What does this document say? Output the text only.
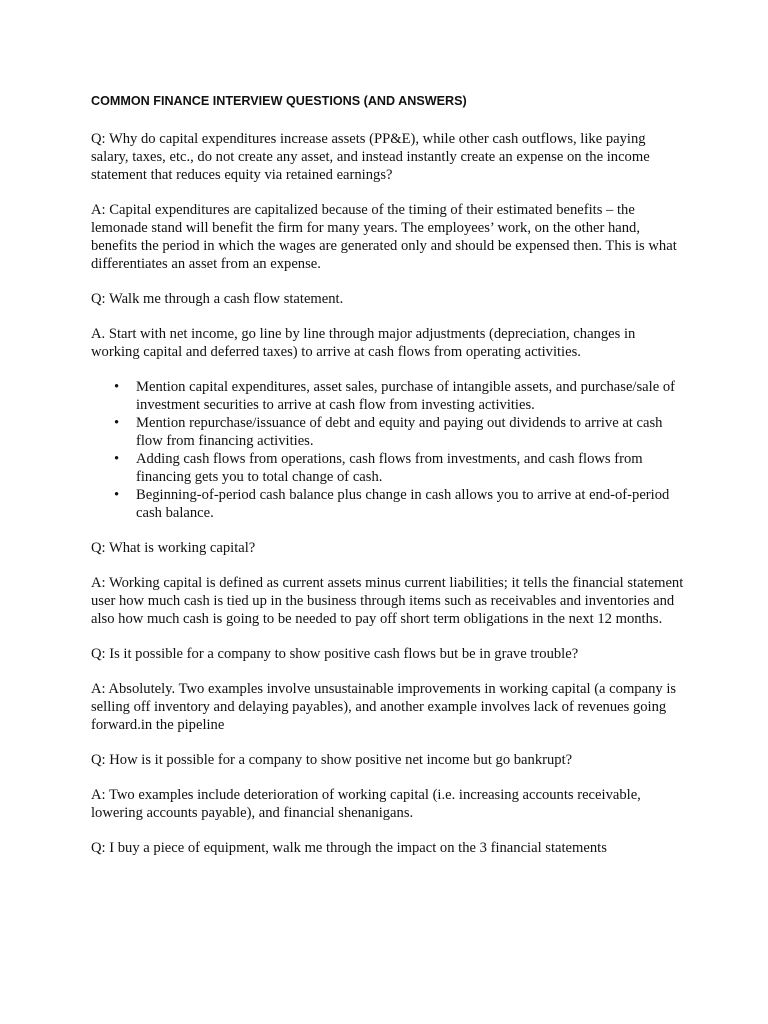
COMMON FINANCE INTERVIEW QUESTIONS (AND ANSWERS)

Q: Why do capital expenditures increase assets (PP&E), while other cash outflows, like paying salary, taxes, etc., do not create any asset, and instead instantly create an expense on the income statement that reduces equity via retained earnings?

A: Capital expenditures are capitalized because of the timing of their estimated benefits – the lemonade stand will benefit the firm for many years. The employees’ work, on the other hand, benefits the period in which the wages are generated only and should be expensed then. This is what differentiates an asset from an expense.

Q: Walk me through a cash flow statement.

A. Start with net income, go line by line through major adjustments (depreciation, changes in working capital and deferred taxes) to arrive at cash flows from operating activities.

• Mention capital expenditures, asset sales, purchase of intangible assets, and purchase/sale of investment securities to arrive at cash flow from investing activities.
• Mention repurchase/issuance of debt and equity and paying out dividends to arrive at cash flow from financing activities.
• Adding cash flows from operations, cash flows from investments, and cash flows from financing gets you to total change of cash.
• Beginning-of-period cash balance plus change in cash allows you to arrive at end-of-period cash balance.

Q: What is working capital?

A: Working capital is defined as current assets minus current liabilities; it tells the financial statement user how much cash is tied up in the business through items such as receivables and inventories and also how much cash is going to be needed to pay off short term obligations in the next 12 months.

Q: Is it possible for a company to show positive cash flows but be in grave trouble?

A: Absolutely. Two examples involve unsustainable improvements in working capital (a company is selling off inventory and delaying payables), and another example involves lack of revenues going forward.in the pipeline

Q: How is it possible for a company to show positive net income but go bankrupt?

A: Two examples include deterioration of working capital (i.e. increasing accounts receivable, lowering accounts payable), and financial shenanigans.

Q: I buy a piece of equipment, walk me through the impact on the 3 financial statements
